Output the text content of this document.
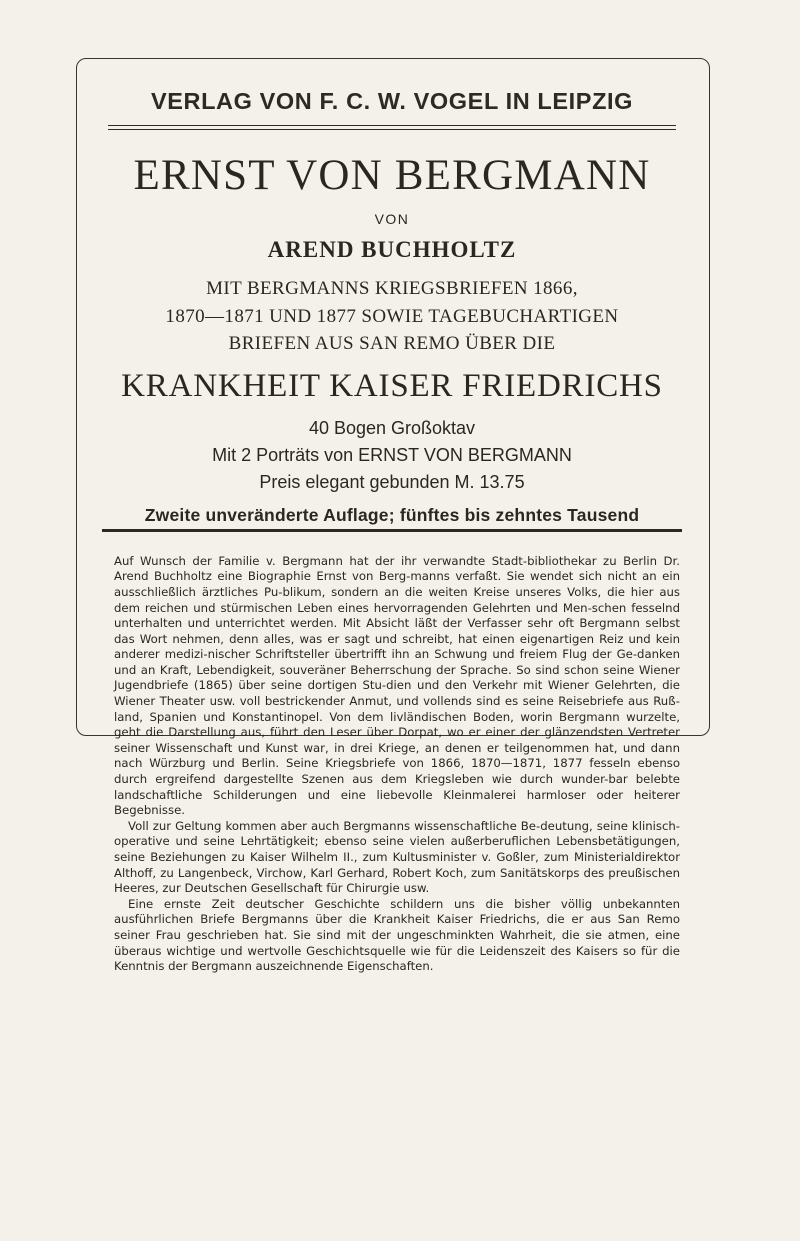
VERLAG VON F. C. W. VOGEL IN LEIPZIG
ERNST VON BERGMANN
VON
AREND BUCHHOLTZ
MIT BERGMANNS KRIEGSBRIEFEN 1866,
1870—1871 UND 1877 SOWIE TAGEBUCHARTIGEN
BRIEFEN AUS SAN REMO ÜBER DIE
KRANKHEIT KAISER FRIEDRICHS
40 Bogen Großoktav
Mit 2 Porträts von ERNST VON BERGMANN
Preis elegant gebunden M. 13.75
Zweite unveränderte Auflage; fünftes bis zehntes Tausend

Auf Wunsch der Familie v. Bergmann hat der ihr verwandte Stadt-bibliothekar zu Berlin Dr. Arend Buchholtz eine Biographie Ernst von Berg-manns verfaßt. Sie wendet sich nicht an ein ausschließlich ärztliches Pu-blikum, sondern an die weiten Kreise unseres Volks, die hier aus dem reichen und stürmischen Leben eines hervorragenden Gelehrten und Men-schen fesselnd unterhalten und unterrichtet werden. Mit Absicht läßt der Verfasser sehr oft Bergmann selbst das Wort nehmen, denn alles, was er sagt und schreibt, hat einen eigenartigen Reiz und kein anderer medizi-nischer Schriftsteller übertrifft ihn an Schwung und freiem Flug der Ge-danken und an Kraft, Lebendigkeit, souveräner Beherrschung der Sprache. So sind schon seine Wiener Jugendbriefe (1865) über seine dortigen Stu-dien und den Verkehr mit Wiener Gelehrten, die Wiener Theater usw. voll bestrickender Anmut, und vollends sind es seine Reisebriefe aus Ruß-land, Spanien und Konstantinopel. Von dem livländischen Boden, worin Bergmann wurzelte, geht die Darstellung aus, führt den Leser über Dorpat, wo er einer der glänzendsten Vertreter seiner Wissenschaft und Kunst war, in drei Kriege, an denen er teilgenommen hat, und dann nach Würzburg und Berlin. Seine Kriegsbriefe von 1866, 1870—1871, 1877 fesseln ebenso durch ergreifend dargestellte Szenen aus dem Kriegsleben wie durch wunder-bar belebte landschaftliche Schilderungen und eine liebevolle Kleinmalerei harmloser oder heiterer Begebnisse.

Voll zur Geltung kommen aber auch Bergmanns wissenschaftliche Be-deutung, seine klinisch-operative und seine Lehrtätigkeit; ebenso seine vielen außerberuflichen Lebensbetätigungen, seine Beziehungen zu Kaiser Wilhelm II., zum Kultusminister v. Goßler, zum Ministerialdirektor Althoff, zu Langenbeck, Virchow, Karl Gerhard, Robert Koch, zum Sanitätskorps des preußischen Heeres, zur Deutschen Gesellschaft für Chirurgie usw.

Eine ernste Zeit deutscher Geschichte schildern uns die bisher völlig unbekannten ausführlichen Briefe Bergmanns über die Krankheit Kaiser Friedrichs, die er aus San Remo seiner Frau geschrieben hat. Sie sind mit der ungeschminkten Wahrheit, die sie atmen, eine überaus wichtige und wertvolle Geschichtsquelle wie für die Leidenszeit des Kaisers so für die Kenntnis der Bergmann auszeichnende Eigenschaften.
